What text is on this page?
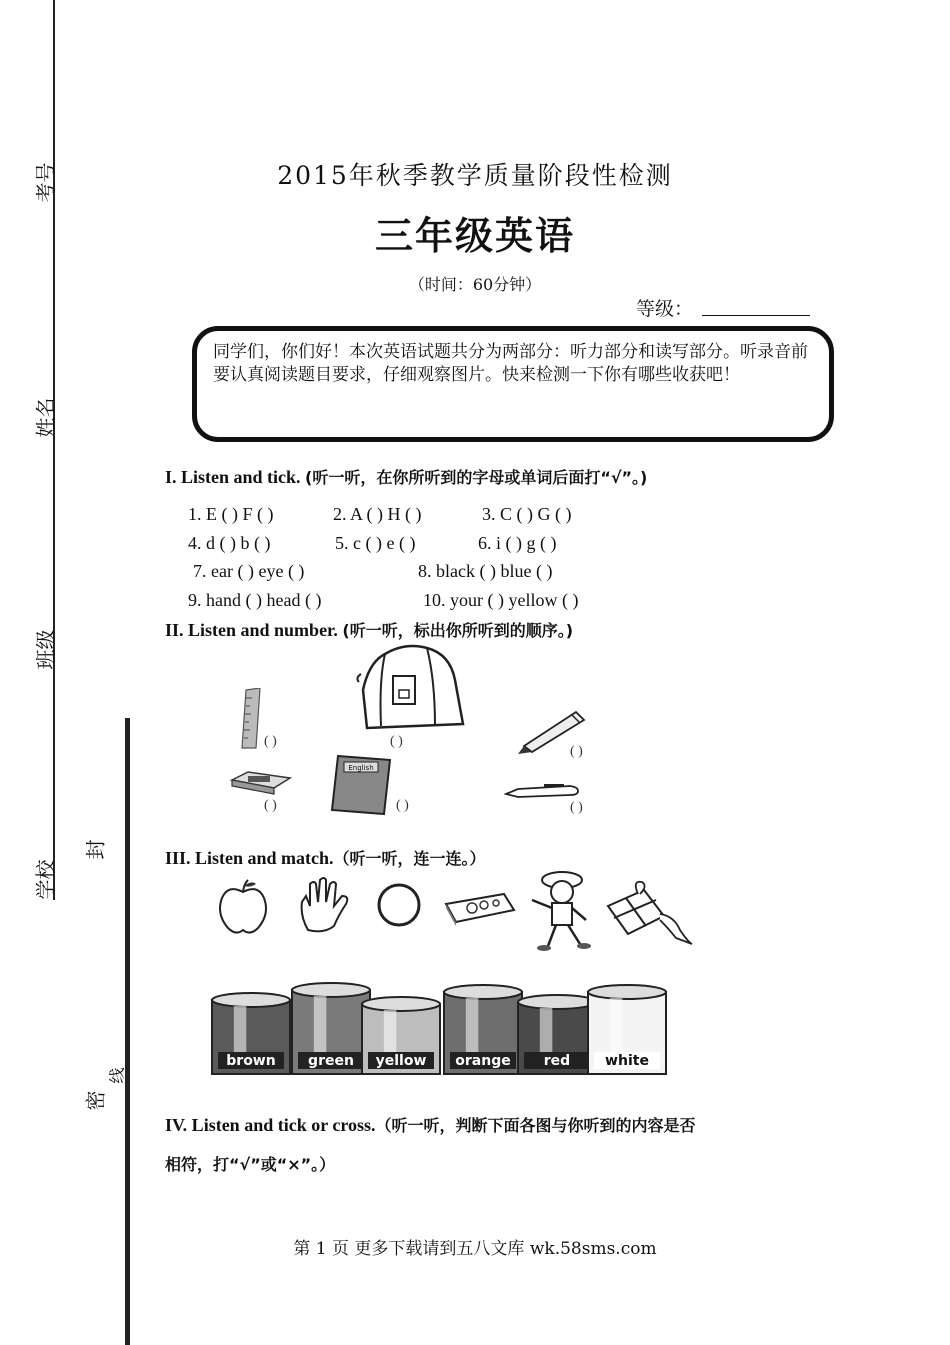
考号
姓名
班级
学校
封
密
线
2015年秋季教学质量阶段性检测
三年级英语
（时间：60分钟）
等级：
同学们，你们好！本次英语试题共分为两部分：听力部分和读写部分。听录音前要认真阅读题目要求，仔细观察图片。快来检测一下你有哪些收获吧！
I. Listen and tick. (听一听，在你所听到的字母或单词后面打“√”。)
1. E ( ) F ( )	2. A ( ) H ( )	3. C ( ) G ( )
4. d ( ) b ( )	5. c ( ) e ( )	6. i ( ) g ( )
7. ear ( ) eye ( )	8. black ( ) blue ( )
9. hand ( ) head ( )	10. your ( ) yellow ( )
II. Listen and number. (听一听，标出你所听到的顺序。)
( )	( )
( )
( )
English
( )	( )
III. Listen and match.（听一听，连一连。）
brown green yellow orange red white
IV. Listen and tick or cross.（听一听，判断下面各图与你听到的内容是否
相符，打“√”或“×”。）
第 1 页 更多下载请到五八文库 wk.58sms.com
